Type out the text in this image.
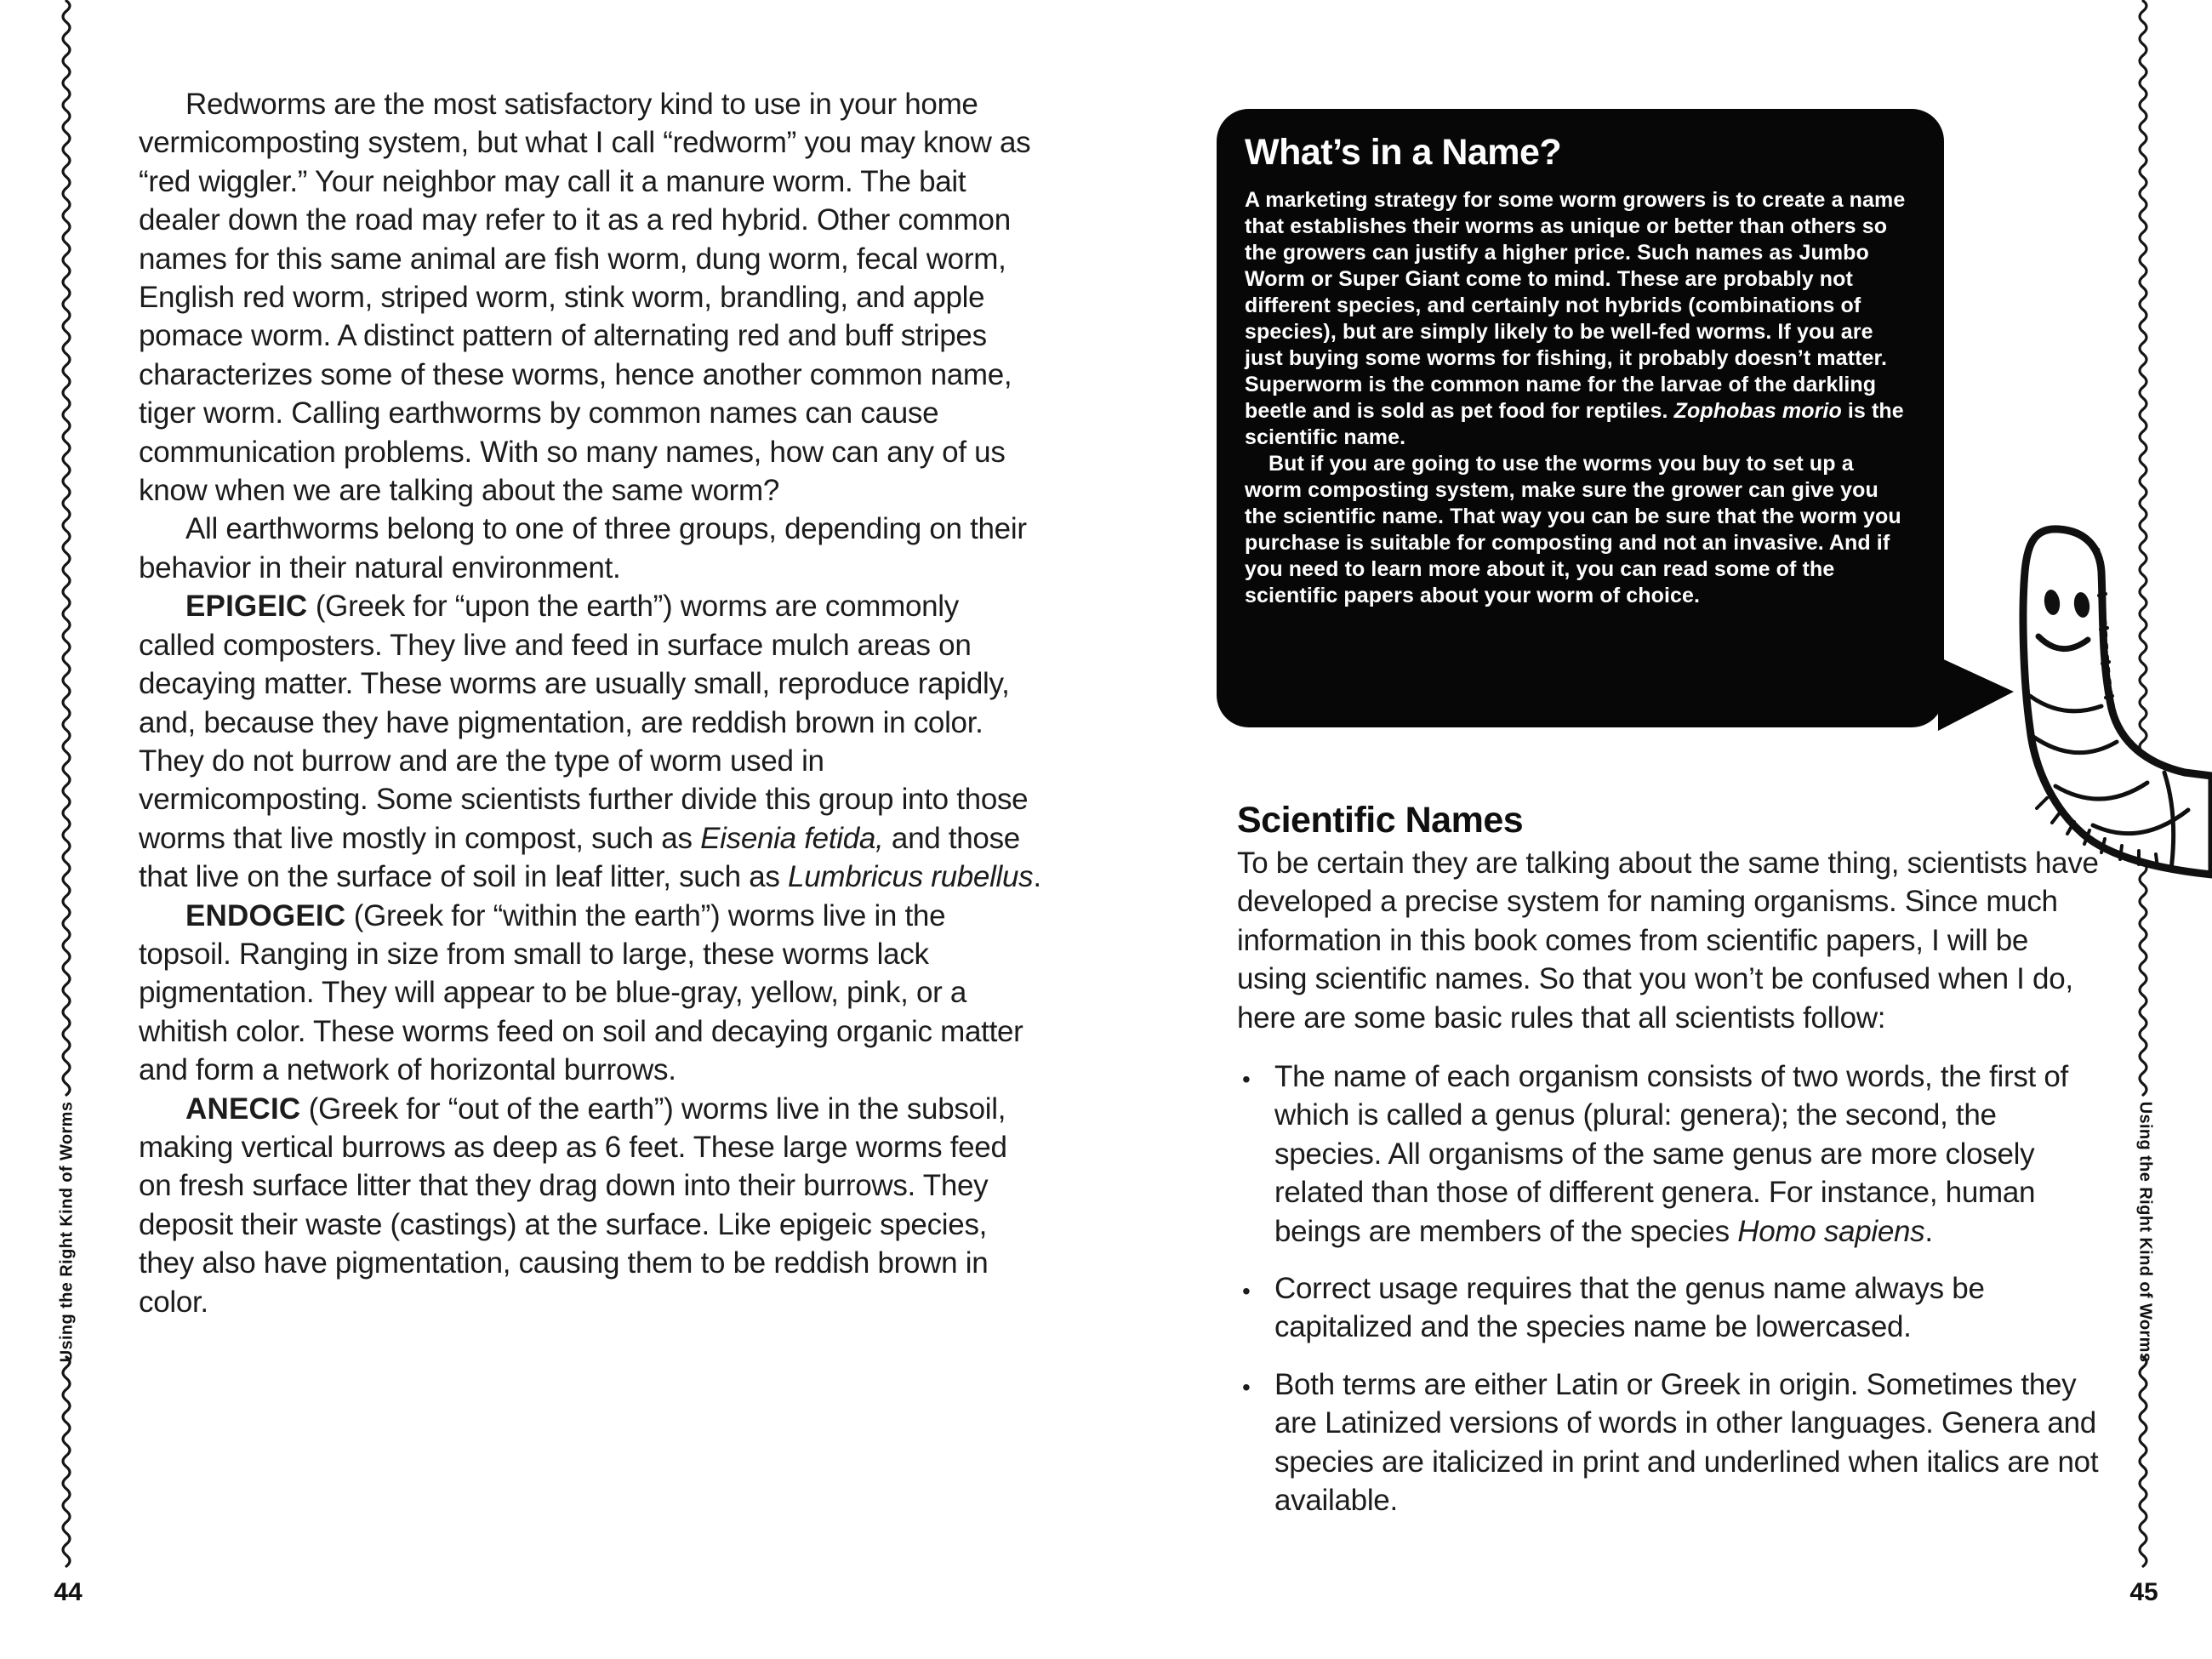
Redworms are the most satisfactory kind to use in your home vermicomposting system, but what I call “redworm” you may know as “red wiggler.” Your neighbor may call it a manure worm. The bait dealer down the road may refer to it as a red hybrid. Other common names for this same animal are fish worm, dung worm, fecal worm, English red worm, striped worm, stink worm, brandling, and apple pomace worm. A distinct pattern of alternating red and buff stripes characterizes some of these worms, hence another common name, tiger worm. Calling earthworms by common names can cause communication problems. With so many names, how can any of us know when we are talking about the same worm?

All earthworms belong to one of three groups, depending on their behavior in their natural environment.

EPIGEIC (Greek for “upon the earth”) worms are commonly called composters. They live and feed in surface mulch areas on decaying matter. These worms are usually small, reproduce rapidly, and, because they have pigmentation, are reddish brown in color. They do not burrow and are the type of worm used in vermicomposting. Some scientists further divide this group into those worms that live mostly in compost, such as Eisenia fetida, and those that live on the surface of soil in leaf litter, such as Lumbricus rubellus.

ENDOGEIC (Greek for “within the earth”) worms live in the topsoil. Ranging in size from small to large, these worms lack pigmentation. They will appear to be blue-gray, yellow, pink, or a whitish color. These worms feed on soil and decaying organic matter and form a network of horizontal burrows.

ANECIC (Greek for “out of the earth”) worms live in the subsoil, making vertical burrows as deep as 6 feet. These large worms feed on fresh surface litter that they drag down into their burrows. They deposit their waste (castings) at the surface. Like epigeic species, they also have pigmentation, causing them to be reddish brown in color.

Using the Right Kind of Worms
44
What’s in a Name?

A marketing strategy for some worm growers is to create a name that establishes their worms as unique or better than others so the growers can justify a higher price. Such names as Jumbo Worm or Super Giant come to mind. These are probably not different species, and certainly not hybrids (combinations of species), but are simply likely to be well-fed worms. If you are just buying some worms for fishing, it probably doesn’t matter. Superworm is the common name for the larvae of the darkling beetle and is sold as pet food for reptiles. Zophobas morio is the scientific name.

But if you are going to use the worms you buy to set up a worm composting system, make sure the grower can give you the scientific name. That way you can be sure that the worm you purchase is suitable for composting and not an invasive. And if you need to learn more about it, you can read some of the scientific papers about your worm of choice.

Scientific Names

To be certain they are talking about the same thing, scientists have developed a precise system for naming organisms. Since much information in this book comes from scientific papers, I will be using scientific names. So that you won’t be confused when I do, here are some basic rules that all scientists follow:

• The name of each organism consists of two words, the first of which is called a genus (plural: genera); the second, the species. All organisms of the same genus are more closely related than those of different genera. For instance, human beings are members of the species Homo sapiens.
• Correct usage requires that the genus name always be capitalized and the species name be lowercased.
• Both terms are either Latin or Greek in origin. Sometimes they are Latinized versions of words in other languages. Genera and species are italicized in print and underlined when italics are not available.
Using the Right Kind of Worms
45
